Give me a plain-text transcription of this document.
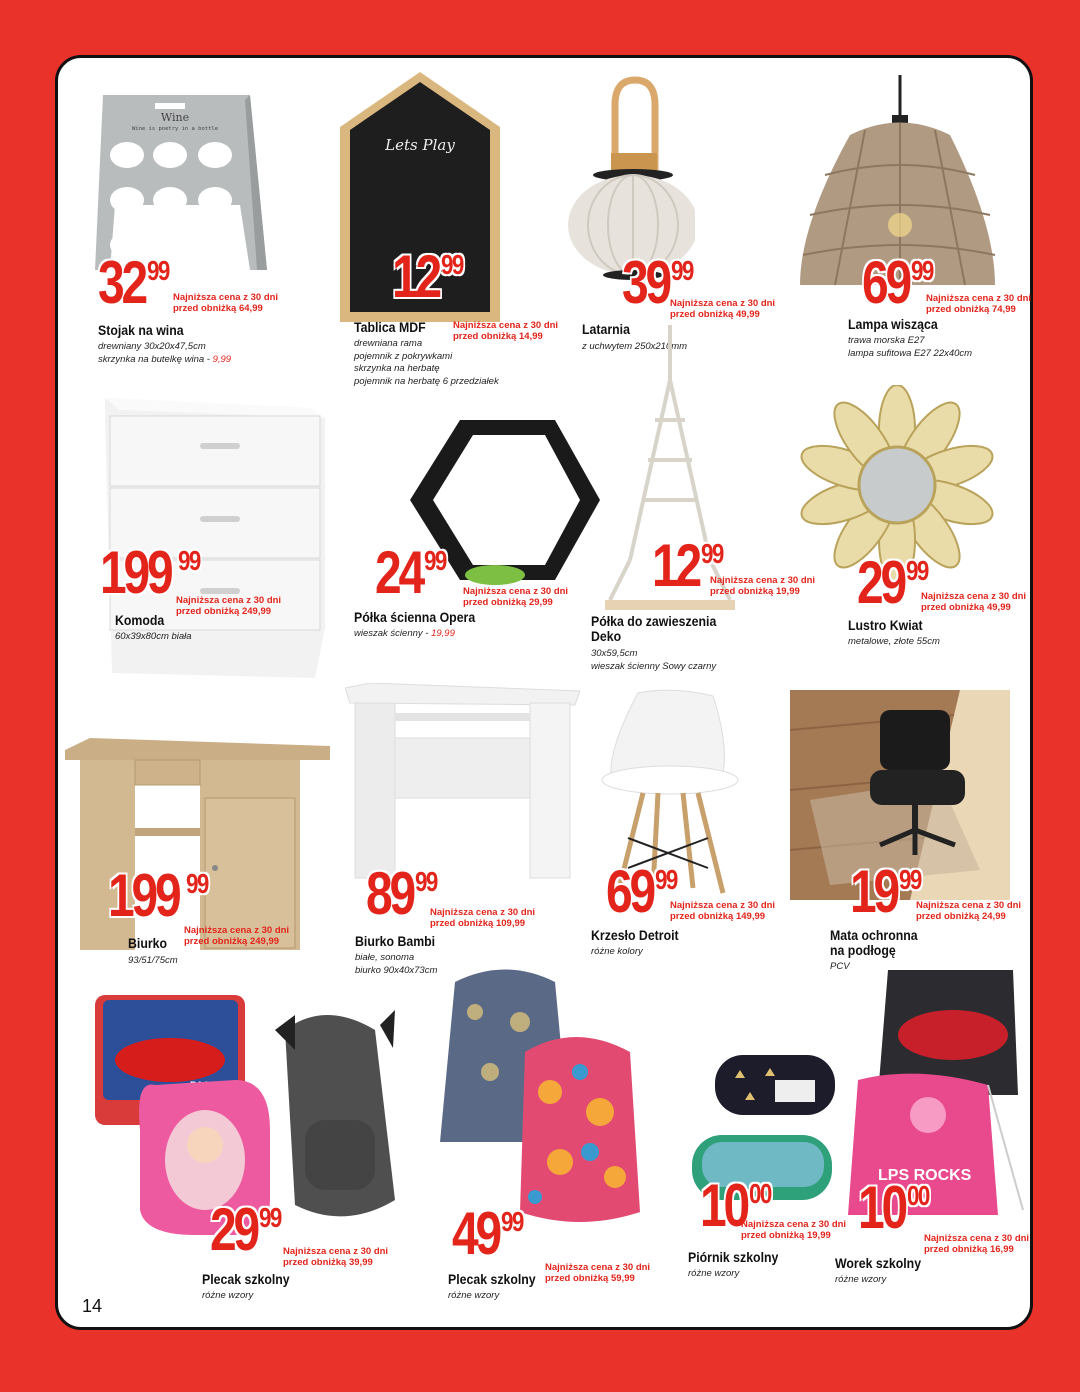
Wine
Wine is poetry in a bottle
3299
Najniższa cena z 30 dni
przed obniżką 64,99
Stojak na wina
drewniany 30x20x47,5cm
skrzynka na butelkę wina - 9,99
Lets Play
1299
Najniższa cena z 30 dni
przed obniżką 14,99
Tablica MDF
drewniana rama
pojemnik z pokrywkami
skrzynka na herbatę
pojemnik na herbatę 6 przedziałek
3999
Najniższa cena z 30 dni
przed obniżką 49,99
Latarnia
z uchwytem 250x210mm
6999
Najniższa cena z 30 dni
przed obniżką 74,99
Lampa wisząca
trawa morska E27
lampa sufitowa E27 22x40cm
199 99
Najniższa cena z 30 dni
przed obniżką 249,99
Komoda
60x39x80cm biała
2499
Najniższa cena z 30 dni
przed obniżką 29,99
Półka ścienna Opera
wieszak ścienny - 19,99
1299
Najniższa cena z 30 dni
przed obniżką 19,99
Półka do zawieszenia
Deko
30x59,5cm
wieszak ścienny Sowy czarny
2999
Najniższa cena z 30 dni
przed obniżką 49,99
Lustro Kwiat
metalowe, złote 55cm
199 99
Najniższa cena z 30 dni
przed obniżką 249,99
Biurko
93/51/75cm
8999
Najniższa cena z 30 dni
przed obniżką 109,99
Biurko Bambi
białe, sonoma
biurko 90x40x73cm
6999
Najniższa cena z 30 dni
przed obniżką 149,99
Krzesło Detroit
różne kolory
1999
Najniższa cena z 30 dni
przed obniżką 24,99
Mata ochronna
na podłogę
PCV
2999
Najniższa cena z 30 dni
przed obniżką 39,99
Plecak szkolny
różne wzory
4999
Najniższa cena z 30 dni
przed obniżką 59,99
Plecak szkolny
różne wzory
1000
Najniższa cena z 30 dni
przed obniżką 19,99
Piórnik szkolny
różne wzory
LPS ROCKS
1000
Najniższa cena z 30 dni
przed obniżką 16,99
Worek szkolny
różne wzory
14
